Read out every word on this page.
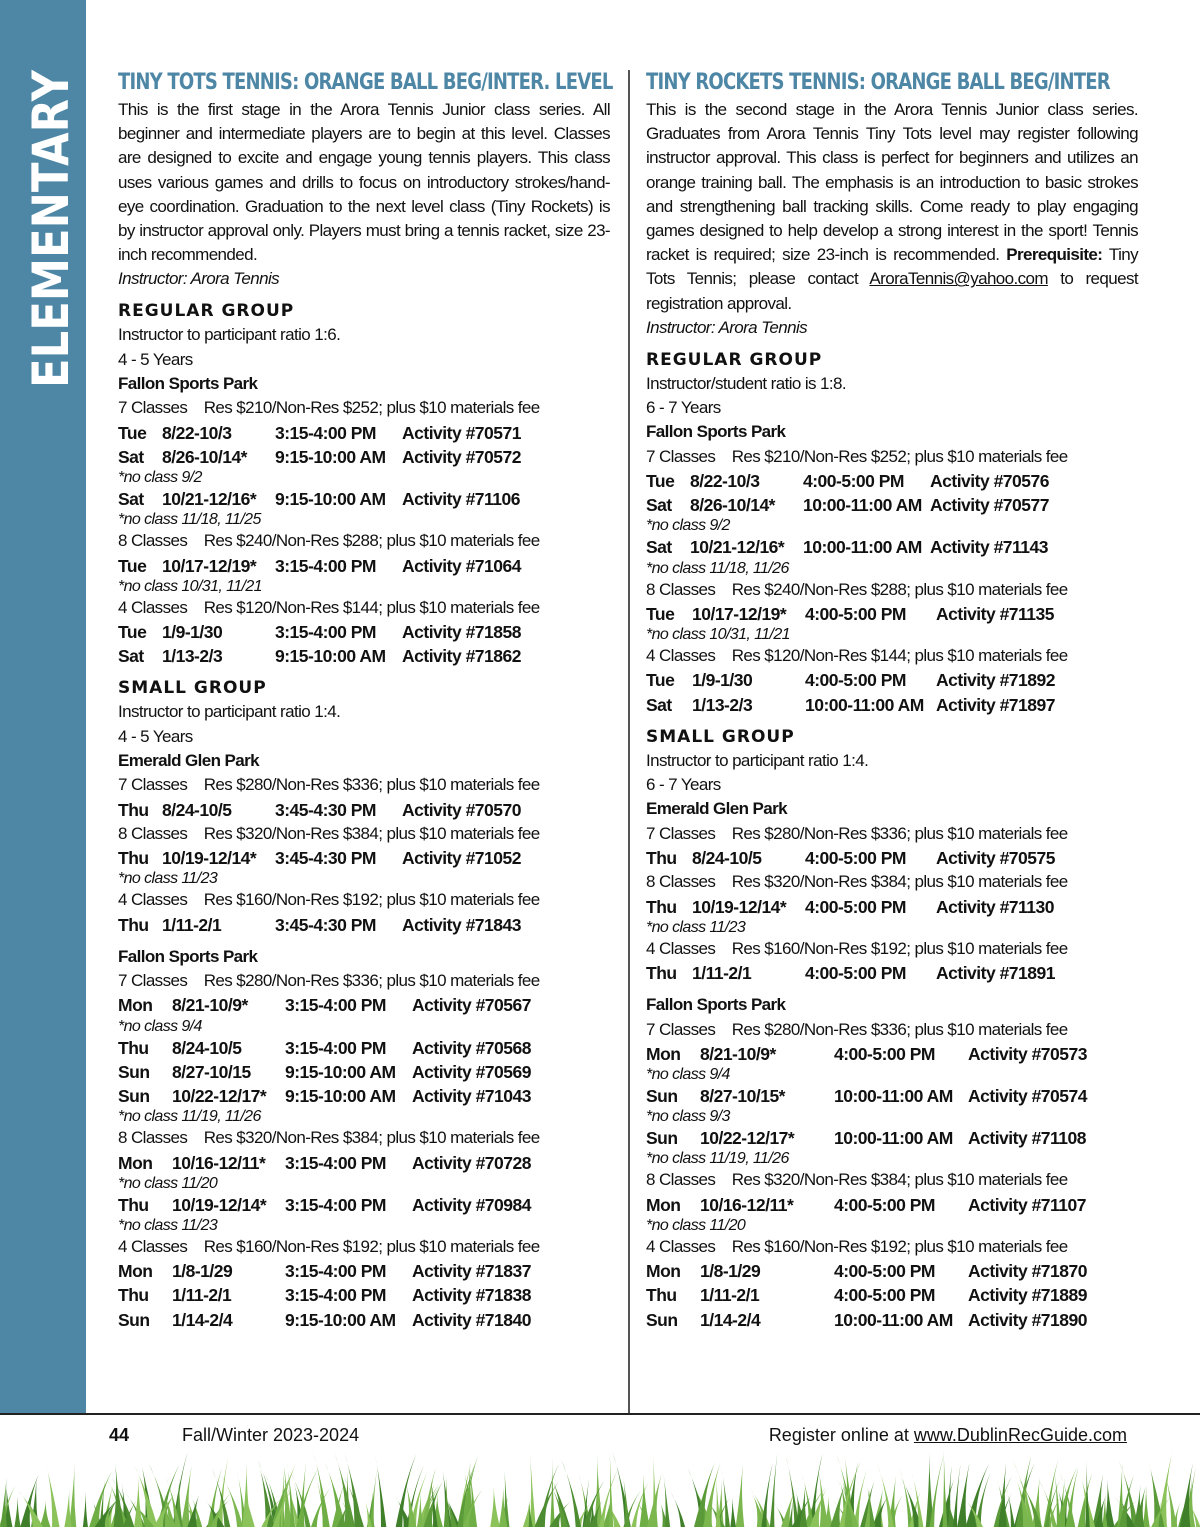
ELEMENTARY TINY TOTS TENNIS: ORANGE BALL BEG/INTER. LEVEL

This is the first stage in the Arora Tennis Junior class series. All beginner and intermediate players are to begin at this level. Classes are designed to excite and engage young tennis players. This class uses various games and drills to focus on introductory strokes/hand-eye coordination. Graduation to the next level class (Tiny Rockets) is by instructor approval only. Players must bring a tennis racket, size 23-inch recommended.

Instructor: Arora Tennis
REGULAR GROUP
Instructor to participant ratio 1:6.
4 - 5 Years
Fallon Sports Park
7 Classes    Res $210/Non-Res $252; plus $10 materials fee
Tue 8/22-10/3 3:15-4:00 PM Activity #70571
Sat 8/26-10/14* 9:15-10:00 AM Activity #70572
*no class 9/2
Sat 10/21-12/16* 9:15-10:00 AM Activity #71106
*no class 11/18, 11/25
8 Classes    Res $240/Non-Res $288; plus $10 materials fee
Tue 10/17-12/19* 3:15-4:00 PM Activity #71064
*no class 10/31, 11/21
4 Classes    Res $120/Non-Res $144; plus $10 materials fee
Tue 1/9-1/30	3:15-4:00 PM Activity #71858
Sat 1/13-2/3	9:15-10:00 AM Activity #71862
SMALL GROUP
Instructor to participant ratio 1:4.
4 - 5 Years
Emerald Glen Park
7 Classes    Res $280/Non-Res $336; plus $10 materials fee
Thu 8/24-10/5 3:45-4:30 PM Activity #70570
8 Classes    Res $320/Non-Res $384; plus $10 materials fee
Thu 10/19-12/14* 3:45-4:30 PM Activity #71052
*no class 11/23
4 Classes    Res $160/Non-Res $192; plus $10 materials fee
Thu 1/11-2/1	3:45-4:30 PM Activity #71843
Fallon Sports Park
7 Classes    Res $280/Non-Res $336; plus $10 materials fee
Mon 8/21-10/9* 3:15-4:00 PM Activity #70567
*no class 9/4
Thu 8/24-10/5 3:15-4:00 PM Activity #70568
Sun 8/27-10/15 9:15-10:00 AM Activity #70569
Sun 10/22-12/17* 9:15-10:00 AM Activity #71043
*no class 11/19, 11/26
8 Classes    Res $320/Non-Res $384; plus $10 materials fee
Mon 10/16-12/11* 3:15-4:00 PM Activity #70728
*no class 11/20
Thu 10/19-12/14* 3:15-4:00 PM Activity #70984
*no class 11/23
4 Classes    Res $160/Non-Res $192; plus $10 materials fee
Mon 1/8-1/29	3:15-4:00 PM Activity #71837
Thu 1/11-2/1	3:15-4:00 PM Activity #71838
Sun 1/14-2/4	9:15-10:00 AM Activity #71840
TINY ROCKETS TENNIS: ORANGE BALL BEG/INTER

This is the second stage in the Arora Tennis Junior class series. Graduates from Arora Tennis Tiny Tots level may register following instructor approval. This class is perfect for beginners and utilizes an orange training ball. The emphasis is an introduction to basic strokes and strengthening ball tracking skills. Come ready to play engaging games designed to help develop a strong interest in the sport! Tennis racket is required; size 23-inch is recommended. Prerequisite: Tiny Tots Tennis; please contact AroraTennis@yahoo.com to request registration approval.

Instructor: Arora Tennis
REGULAR GROUP
Instructor/student ratio is 1:8.
6 - 7 Years
Fallon Sports Park
7 Classes    Res $210/Non-Res $252; plus $10 materials fee
Tue 8/22-10/3 4:00-5:00 PM Activity #70576
Sat 8/26-10/14* 10:00-11:00 AM Activity #70577
*no class 9/2
Sat 10/21-12/16* 10:00-11:00 AM Activity #71143
*no class 11/18, 11/26
8 Classes    Res $240/Non-Res $288; plus $10 materials fee
Tue 10/17-12/19* 4:00-5:00 PM Activity #71135
*no class 10/31, 11/21
4 Classes    Res $120/Non-Res $144; plus $10 materials fee
Tue 1/9-1/30	4:00-5:00 PM Activity #71892
Sat 1/13-2/3	10:00-11:00 AM Activity #71897
SMALL GROUP
Instructor to participant ratio 1:4.
6 - 7 Years
Emerald Glen Park
7 Classes    Res $280/Non-Res $336; plus $10 materials fee
Thu 8/24-10/5 4:00-5:00 PM Activity #70575
8 Classes    Res $320/Non-Res $384; plus $10 materials fee
Thu 10/19-12/14* 4:00-5:00 PM Activity #71130
*no class 11/23
4 Classes    Res $160/Non-Res $192; plus $10 materials fee
Thu 1/11-2/1	4:00-5:00 PM Activity #71891
Fallon Sports Park
7 Classes    Res $280/Non-Res $336; plus $10 materials fee
Mon 8/21-10/9*	4:00-5:00 PM Activity #70573
*no class 9/4
Sun 8/27-10/15*	10:00-11:00 AM Activity #70574
*no class 9/3
Sun 10/22-12/17* 10:00-11:00 AM Activity #71108
*no class 11/19, 11/26
8 Classes    Res $320/Non-Res $384; plus $10 materials fee
Mon 10/16-12/11* 4:00-5:00 PM Activity #71107
*no class 11/20
4 Classes    Res $160/Non-Res $192; plus $10 materials fee
Mon 1/8-1/29	4:00-5:00 PM Activity #71870
Thu 1/11-2/1	4:00-5:00 PM Activity #71889
Sun 1/14-2/4	10:00-11:00 AM Activity #71890
44	Fall/Winter 2023-2024	Register online at www.DublinRecGuide.com
